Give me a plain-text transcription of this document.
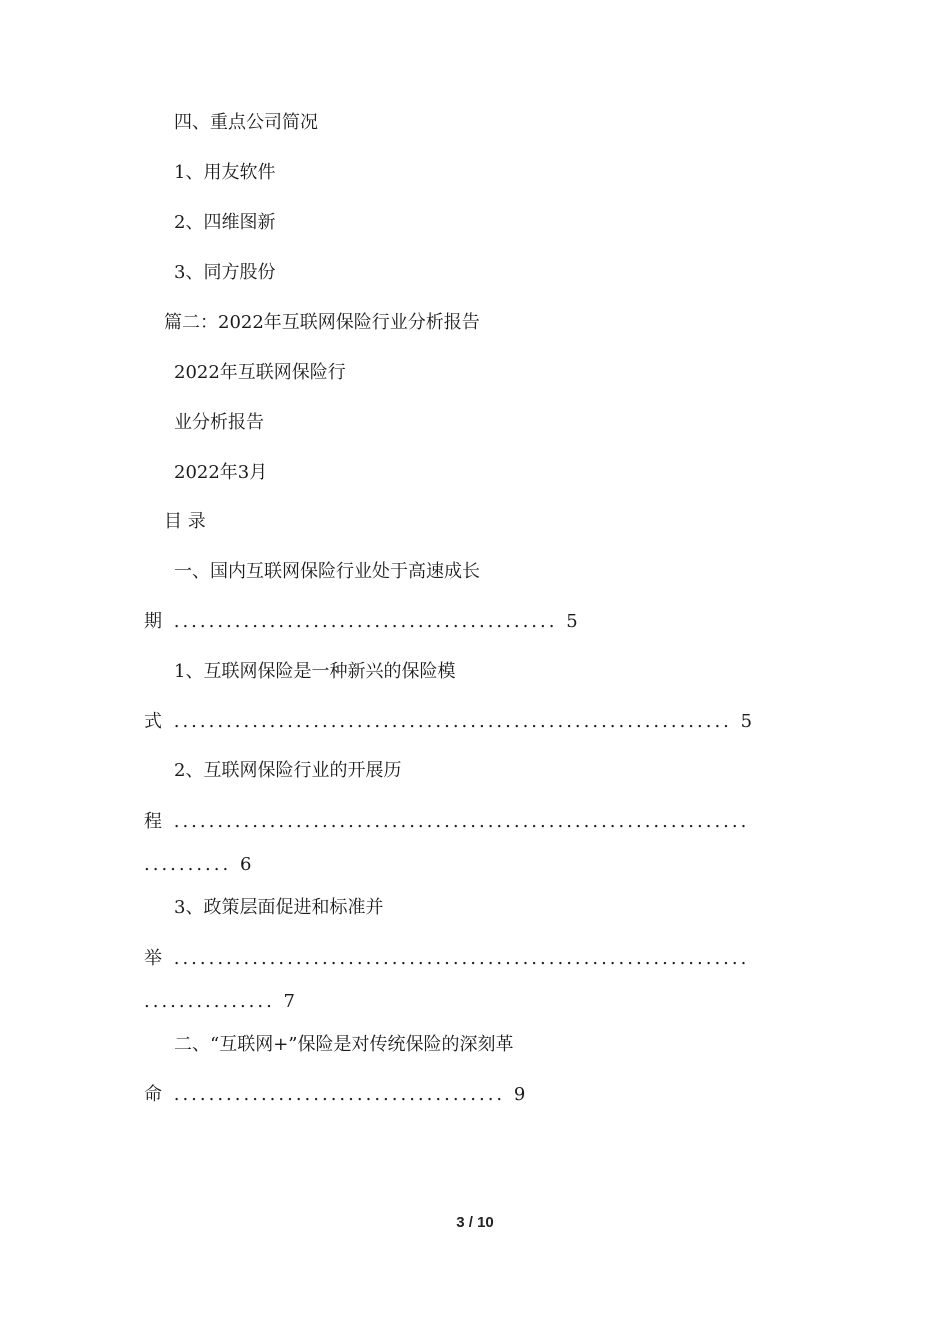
四、重点公司简况
1、用友软件
2、四维图新
3、同方股份
篇二：2022年互联网保险行业分析报告
2022年互联网保险行
业分析报告
2022年3月
目 录
一、国内互联网保险行业处于高速成长
期 ............................................ 5
1、互联网保险是一种新兴的保险模
式 ................................................................ 5
2、互联网保险行业的开展历
程 ..................................................................
.......... 6
3、政策层面促进和标准并
举 ..................................................................
............... 7
二、“互联网+”保险是对传统保险的深刻革
命 ...................................... 9
3 / 10
